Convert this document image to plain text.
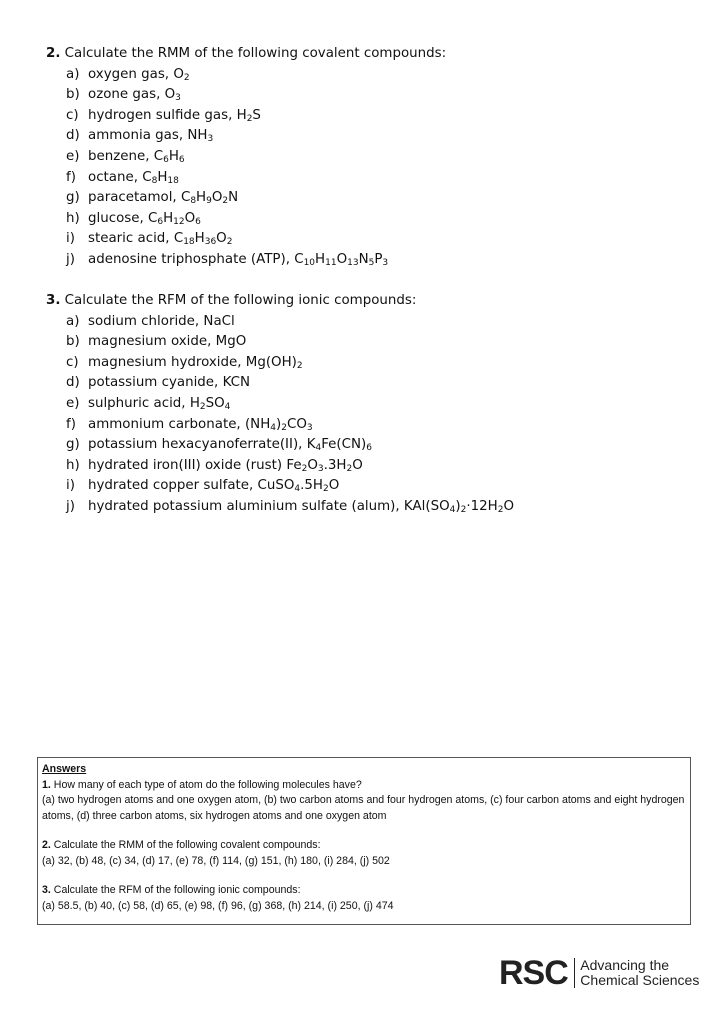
2. Calculate the RMM of the following covalent compounds:
a) oxygen gas, $O_2$
b) ozone gas, $O_3$
c) hydrogen sulfide gas, $H_2S$
d) ammonia gas, $NH_3$
e) benzene, $C_6H_6$
f) octane, $C_8H_{18}$
g) paracetamol, $C_8H_9O_2N$
h) glucose, $C_6H_{12}O_6$
i) stearic acid, $C_{18}H_{36}O_2$
j) adenosine triphosphate (ATP), $C_{10}H_{11}O_{13}N_5P_3$
3. Calculate the RFM of the following ionic compounds:
a) sodium chloride, NaCl
b) magnesium oxide, MgO
c) magnesium hydroxide, $Mg(OH)_2$
d) potassium cyanide, KCN
e) sulphuric acid, $H_2SO_4$
f) ammonium carbonate, $(NH_4)_2CO_3$
g) potassium hexacyanoferrate(II), $K_4Fe(CN)_6$
h) hydrated iron(III) oxide (rust) $Fe_2O_3.3H_2O$
i) hydrated copper sulfate, $CuSO_4.5H_2O$
j) hydrated potassium aluminium sulfate (alum), $KAl(SO_4)_2\cdot 12H_2O$

Answers

1. How many of each type of atom do the following molecules have?

(a) two hydrogen atoms and one oxygen atom, (b) two carbon atoms and four hydrogen atoms, (c) four carbon atoms and eight hydrogen atoms, (d) three carbon atoms, six hydrogen atoms and one oxygen atom

2. Calculate the RMM of the following covalent compounds:

(a) 32, (b) 48, (c) 34, (d) 17, (e) 78, (f) 114, (g) 151, (h) 180, (i) 284, (j) 502

3. Calculate the RFM of the following ionic compounds:

(a) 58.5, (b) 40, (c) 58, (d) 65, (e) 98, (f) 96, (g) 368, (h) 214, (i) 250, (j) 474

RSC Advancing the
Chemical Sciences
